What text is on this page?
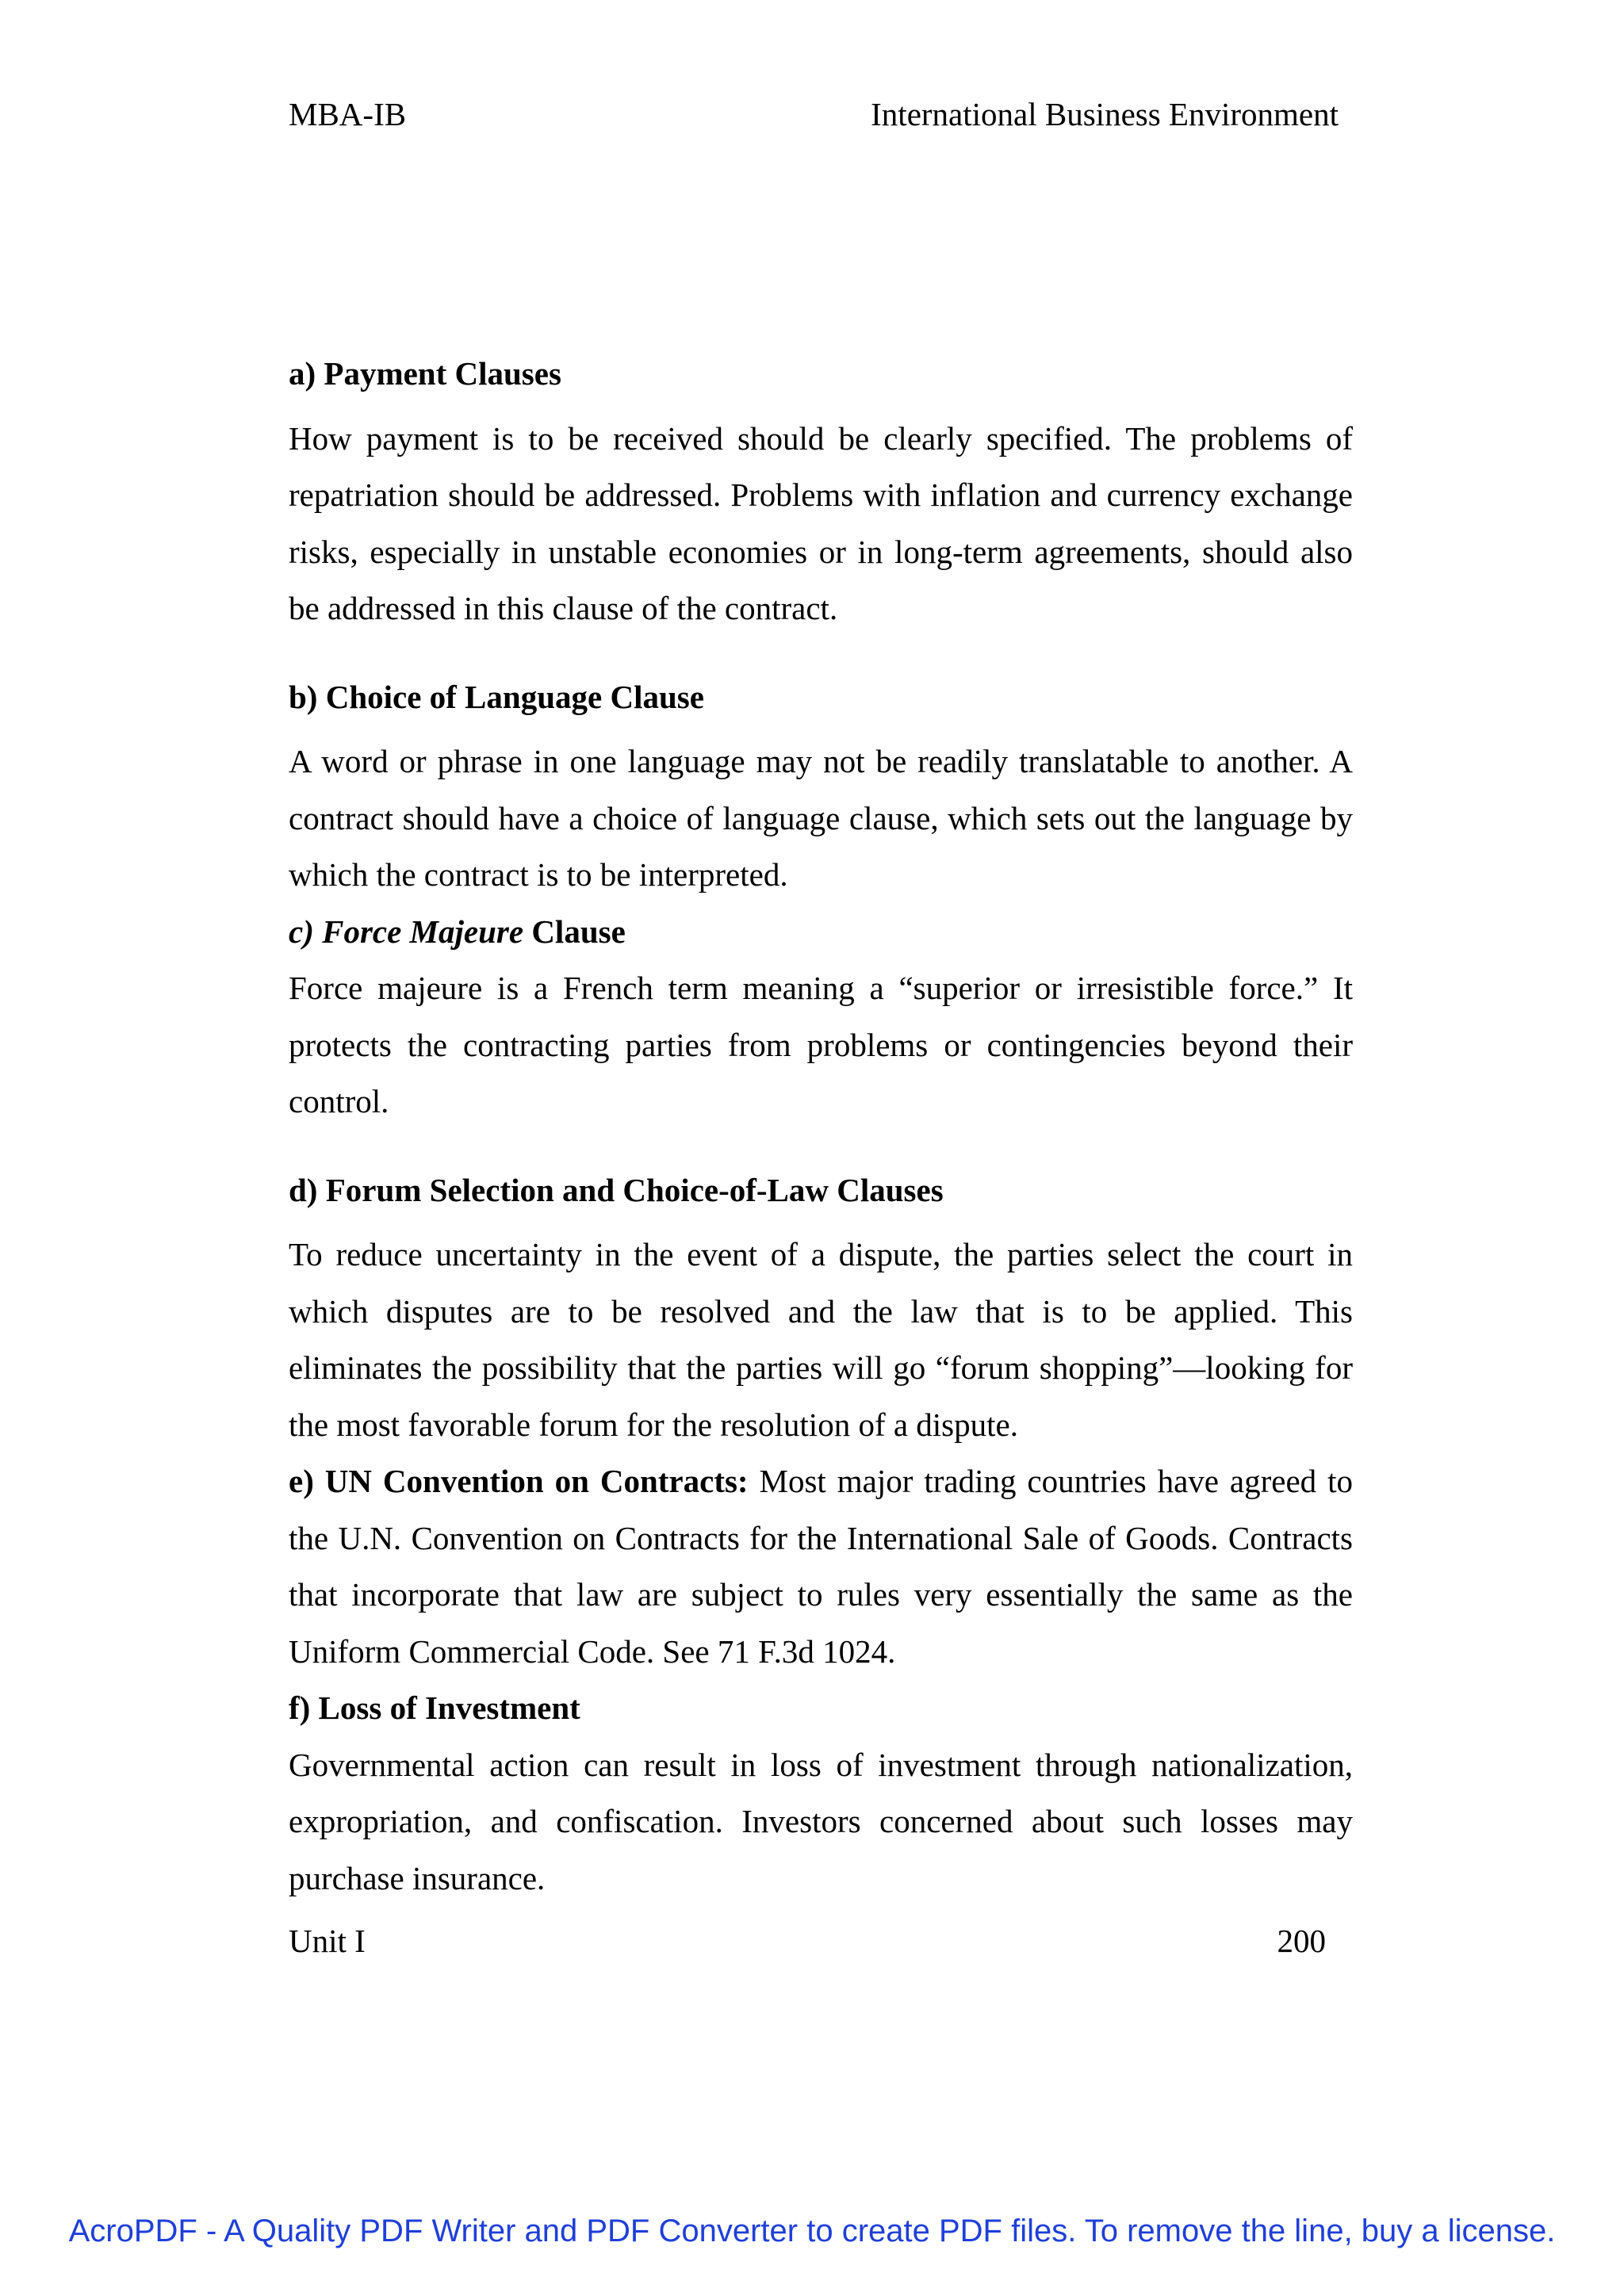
MBA-IB	International Business Environment

a) Payment Clauses

How payment is to be received should be clearly specified. The problems of repatriation should be addressed. Problems with inflation and currency exchange risks, especially in unstable economies or in long-term agreements, should also be addressed in this clause of the contract.

b) Choice of Language Clause

A word or phrase in one language may not be readily translatable to another. A contract should have a choice of language clause, which sets out the language by which the contract is to be interpreted.

c) Force Majeure Clause

Force majeure is a French term meaning a “superior or irresistible force.” It protects the contracting parties from problems or contingencies beyond their control.

d) Forum Selection and Choice-of-Law Clauses

To reduce uncertainty in the event of a dispute, the parties select the court in which disputes are to be resolved and the law that is to be applied. This eliminates the possibility that the parties will go “forum shopping”—looking for the most favorable forum for the resolution of a dispute.

e) UN Convention on Contracts: Most major trading countries have agreed to the U.N. Convention on Contracts for the International Sale of Goods. Contracts that incorporate that law are subject to rules very essentially the same as the Uniform Commercial Code. See 71 F.3d 1024.

f) Loss of Investment

Governmental action can result in loss of investment through nationalization, expropriation, and confiscation. Investors concerned about such losses may purchase insurance.

Unit I	200
AcroPDF - A Quality PDF Writer and PDF Converter to create PDF files. To remove the line, buy a license.
